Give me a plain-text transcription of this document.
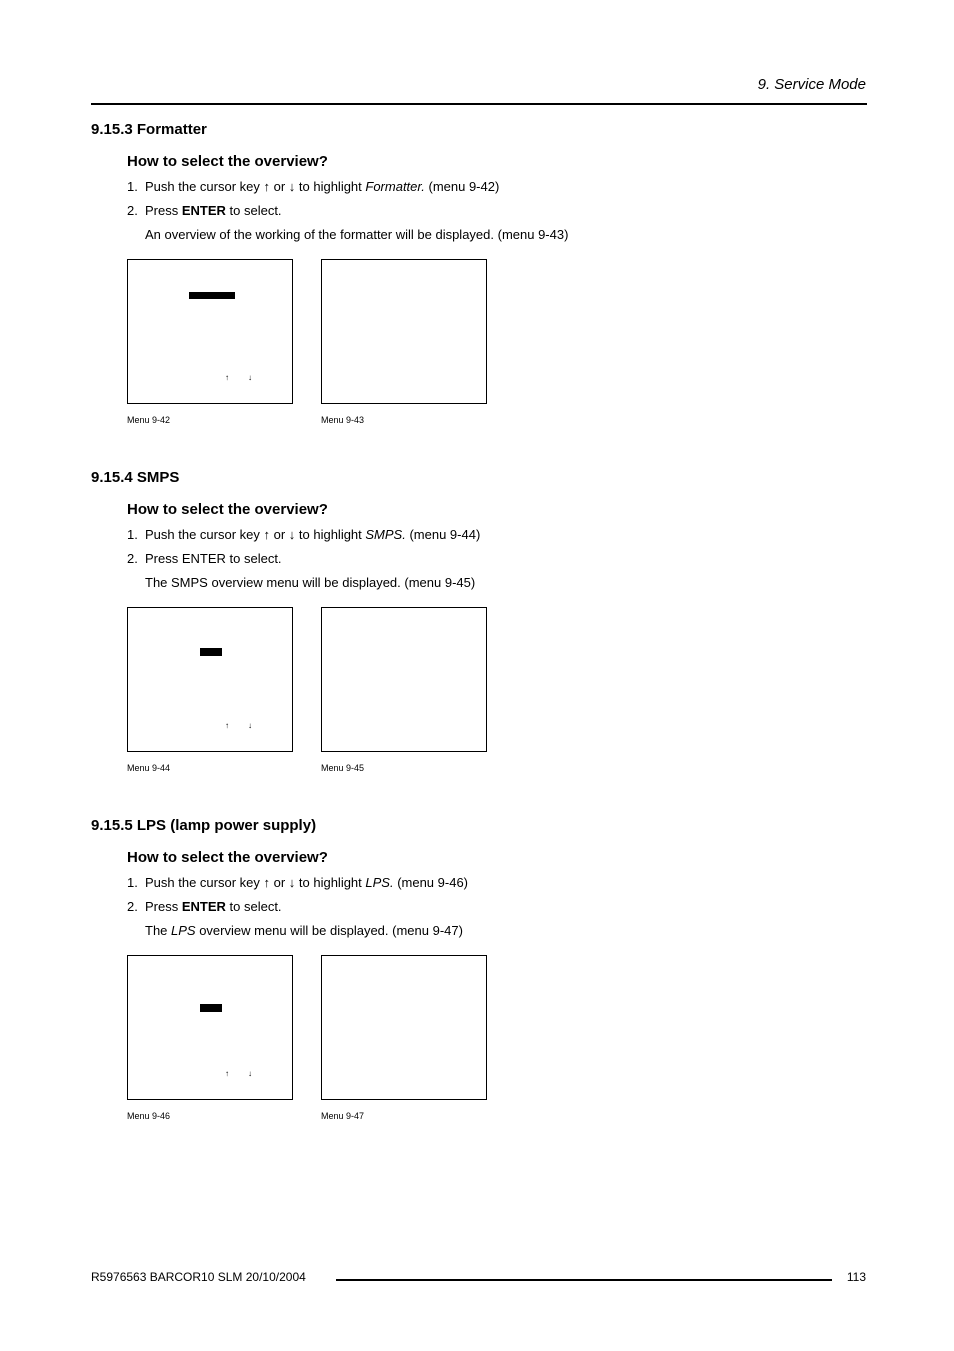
9. Service Mode
9.15.3 Formatter
How to select the overview?
1. Push the cursor key ↑ or ↓ to highlight Formatter. (menu 9-42)
2. Press ENTER to select.
An overview of the working of the formatter will be displayed. (menu 9-43)
↑ ↓
Menu 9-42	Menu 9-43
9.15.4 SMPS
How to select the overview?
1. Push the cursor key ↑ or ↓ to highlight SMPS. (menu 9-44)
2. Press ENTER to select.
The SMPS overview menu will be displayed. (menu 9-45)
↑ ↓
Menu 9-44	Menu 9-45
9.15.5 LPS (lamp power supply)
How to select the overview?
1. Push the cursor key ↑ or ↓ to highlight LPS. (menu 9-46)
2. Press ENTER to select.
The LPS overview menu will be displayed. (menu 9-47)
↑ ↓
Menu 9-46	Menu 9-47
R5976563 BARCOR10 SLM 20/10/2004	113
